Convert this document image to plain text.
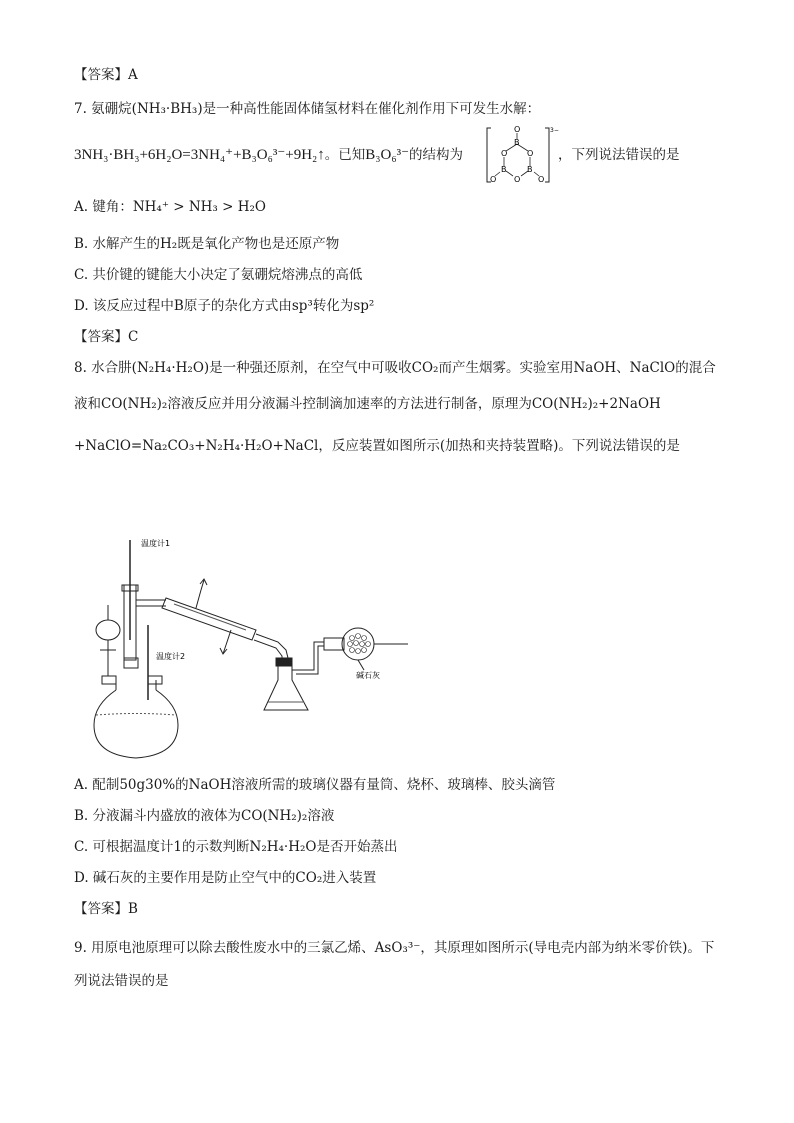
【答案】A
7. 氨硼烷(NH₃·BH₃)是一种高性能固体储氢材料在催化剂作用下可发生水解：
3NH₃·BH₃+6H₂O=3NH₄⁺+B₃O₆³⁻+9H₂↑。已知B₃O₆³⁻的结构为
3−
O
B
O O
B	B
O
O	O
，下列说法错误的是
A. 键角：NH₄⁺ > NH₃ > H₂O
B. 水解产生的H₂既是氧化产物也是还原产物
C. 共价键的键能大小决定了氨硼烷熔沸点的高低
D. 该反应过程中B原子的杂化方式由sp³转化为sp²
【答案】C
8. 水合肼(N₂H₄·H₂O)是一种强还原剂，在空气中可吸收CO₂而产生烟雾。实验室用NaOH、NaClO的混合
液和CO(NH₂)₂溶液反应并用分液漏斗控制滴加速率的方法进行制备，原理为CO(NH₂)₂+2NaOH
+NaClO=Na₂CO₃+N₂H₄·H₂O+NaCl，反应装置如图所示(加热和夹持装置略)。下列说法错误的是
温度计1
温度计2
碱石灰
A. 配制50g30%的NaOH溶液所需的玻璃仪器有量筒、烧杯、玻璃棒、胶头滴管
B. 分液漏斗内盛放的液体为CO(NH₂)₂溶液
C. 可根据温度计1的示数判断N₂H₄·H₂O是否开始蒸出
D. 碱石灰的主要作用是防止空气中的CO₂进入装置
【答案】B
9. 用原电池原理可以除去酸性废水中的三氯乙烯、AsO₃³⁻，其原理如图所示(导电壳内部为纳米零价铁)。下
列说法错误的是
